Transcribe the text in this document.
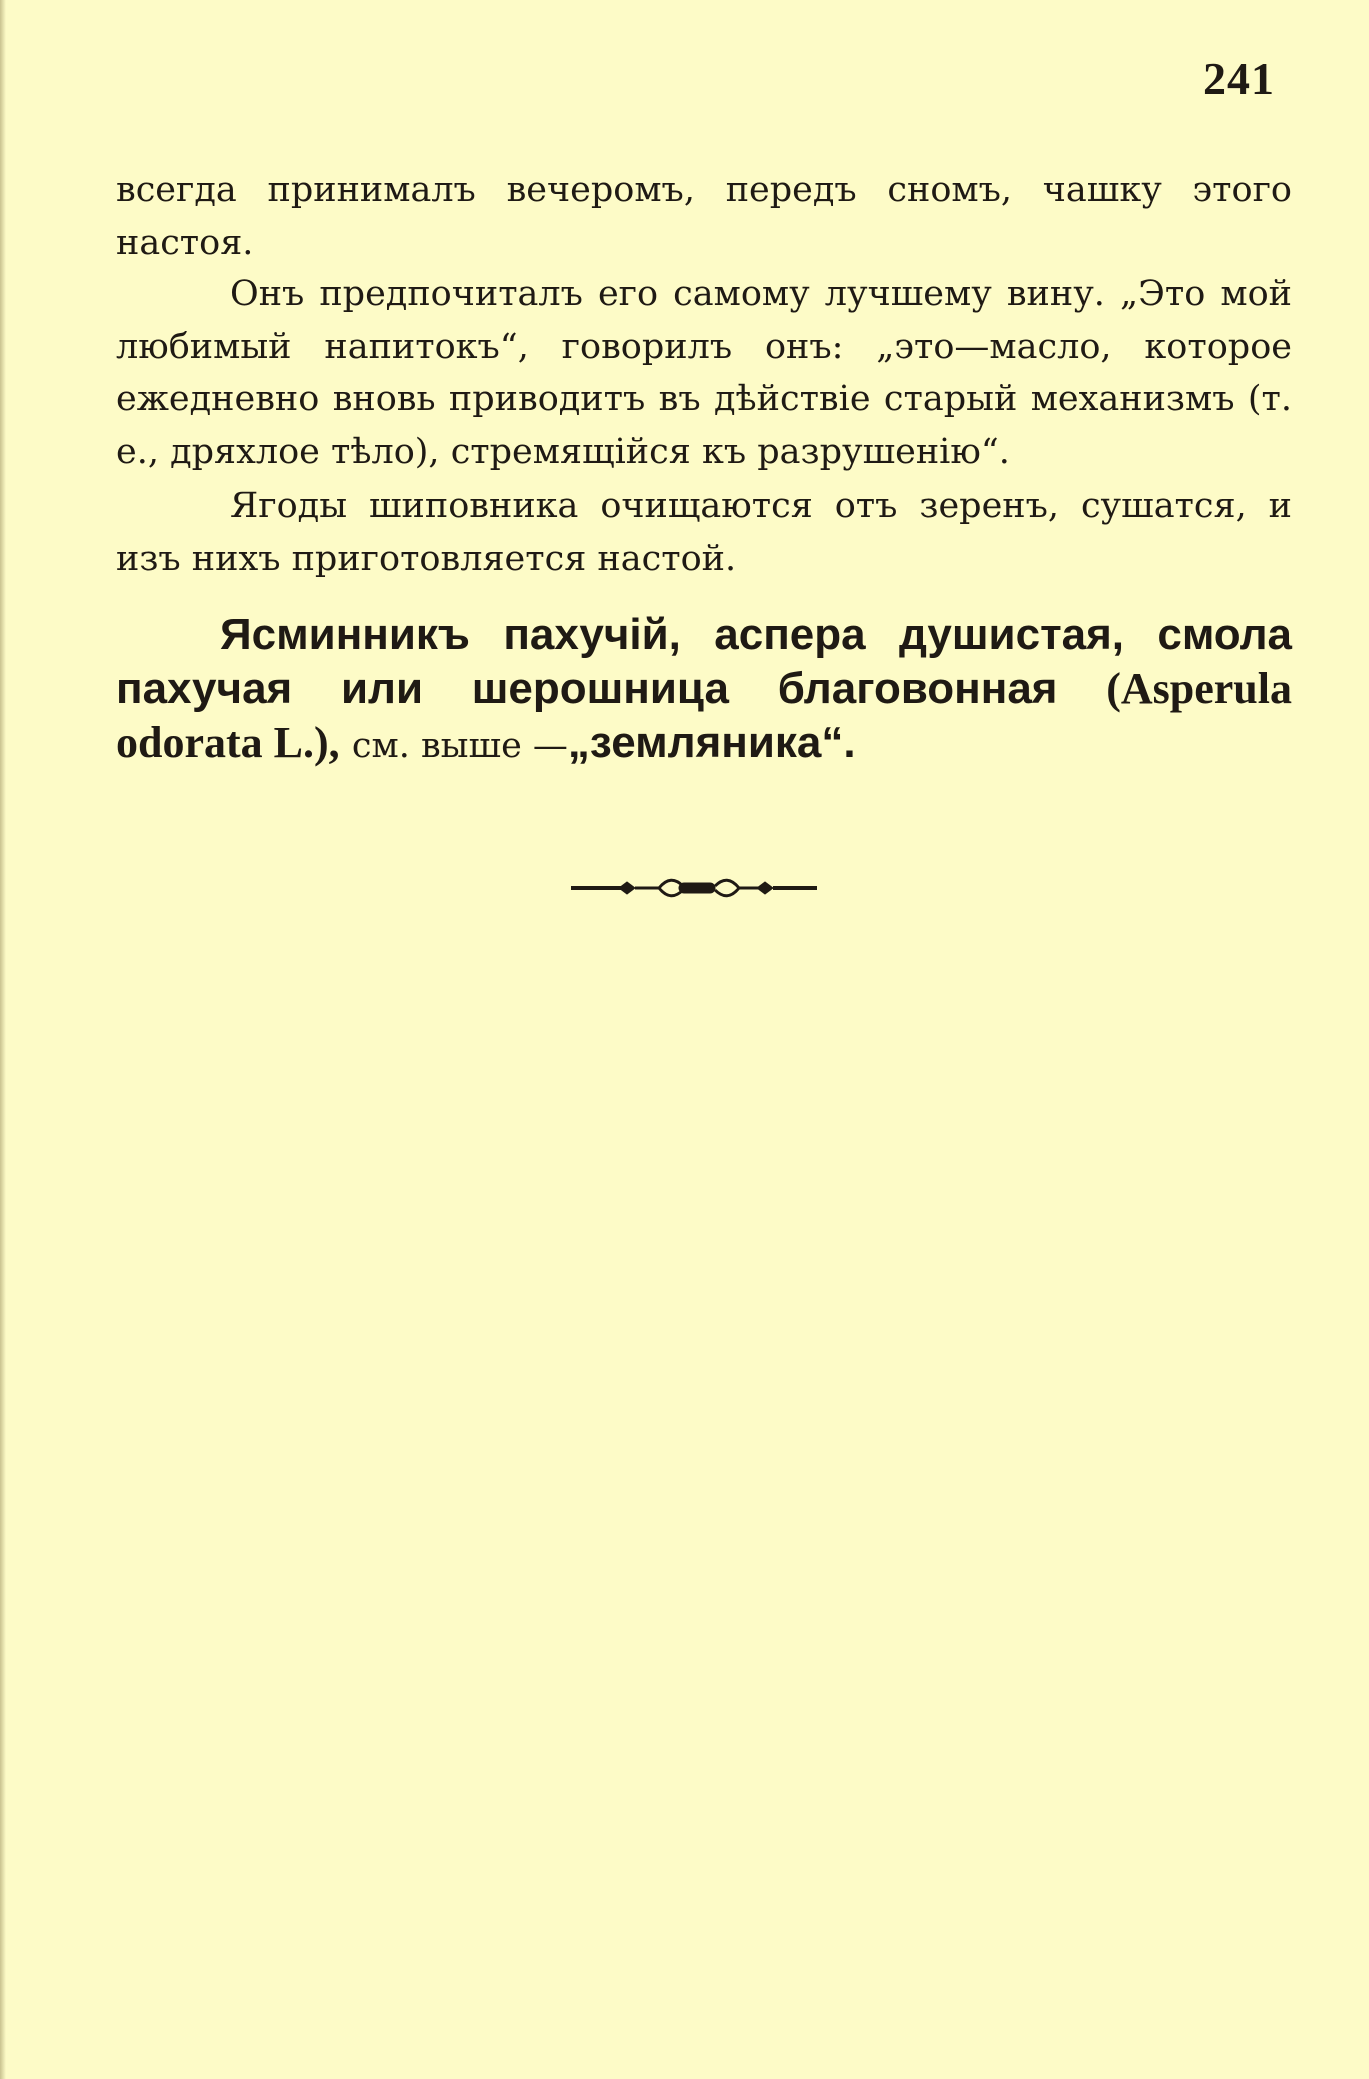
241

всегда принималъ вечеромъ, передъ сномъ, чашку этого настоя.

Онъ предпочиталъ его самому лучшему вину. „Это мой любимый напитокъ“, говорилъ онъ: „это—масло, которое ежедневно вновь приводитъ въ дѣйствіе старый механизмъ (т. е., дряхлое тѣло), стремящійся къ разрушенію“.

Ягоды шиповника очищаются отъ зеренъ, сушатся, и изъ нихъ приготовляется настой.

Ясминникъ пахучій, аспера душистая, смола пахучая или шерошница благовонная (Asperula odorata L.), см. выше —„земляника“.
